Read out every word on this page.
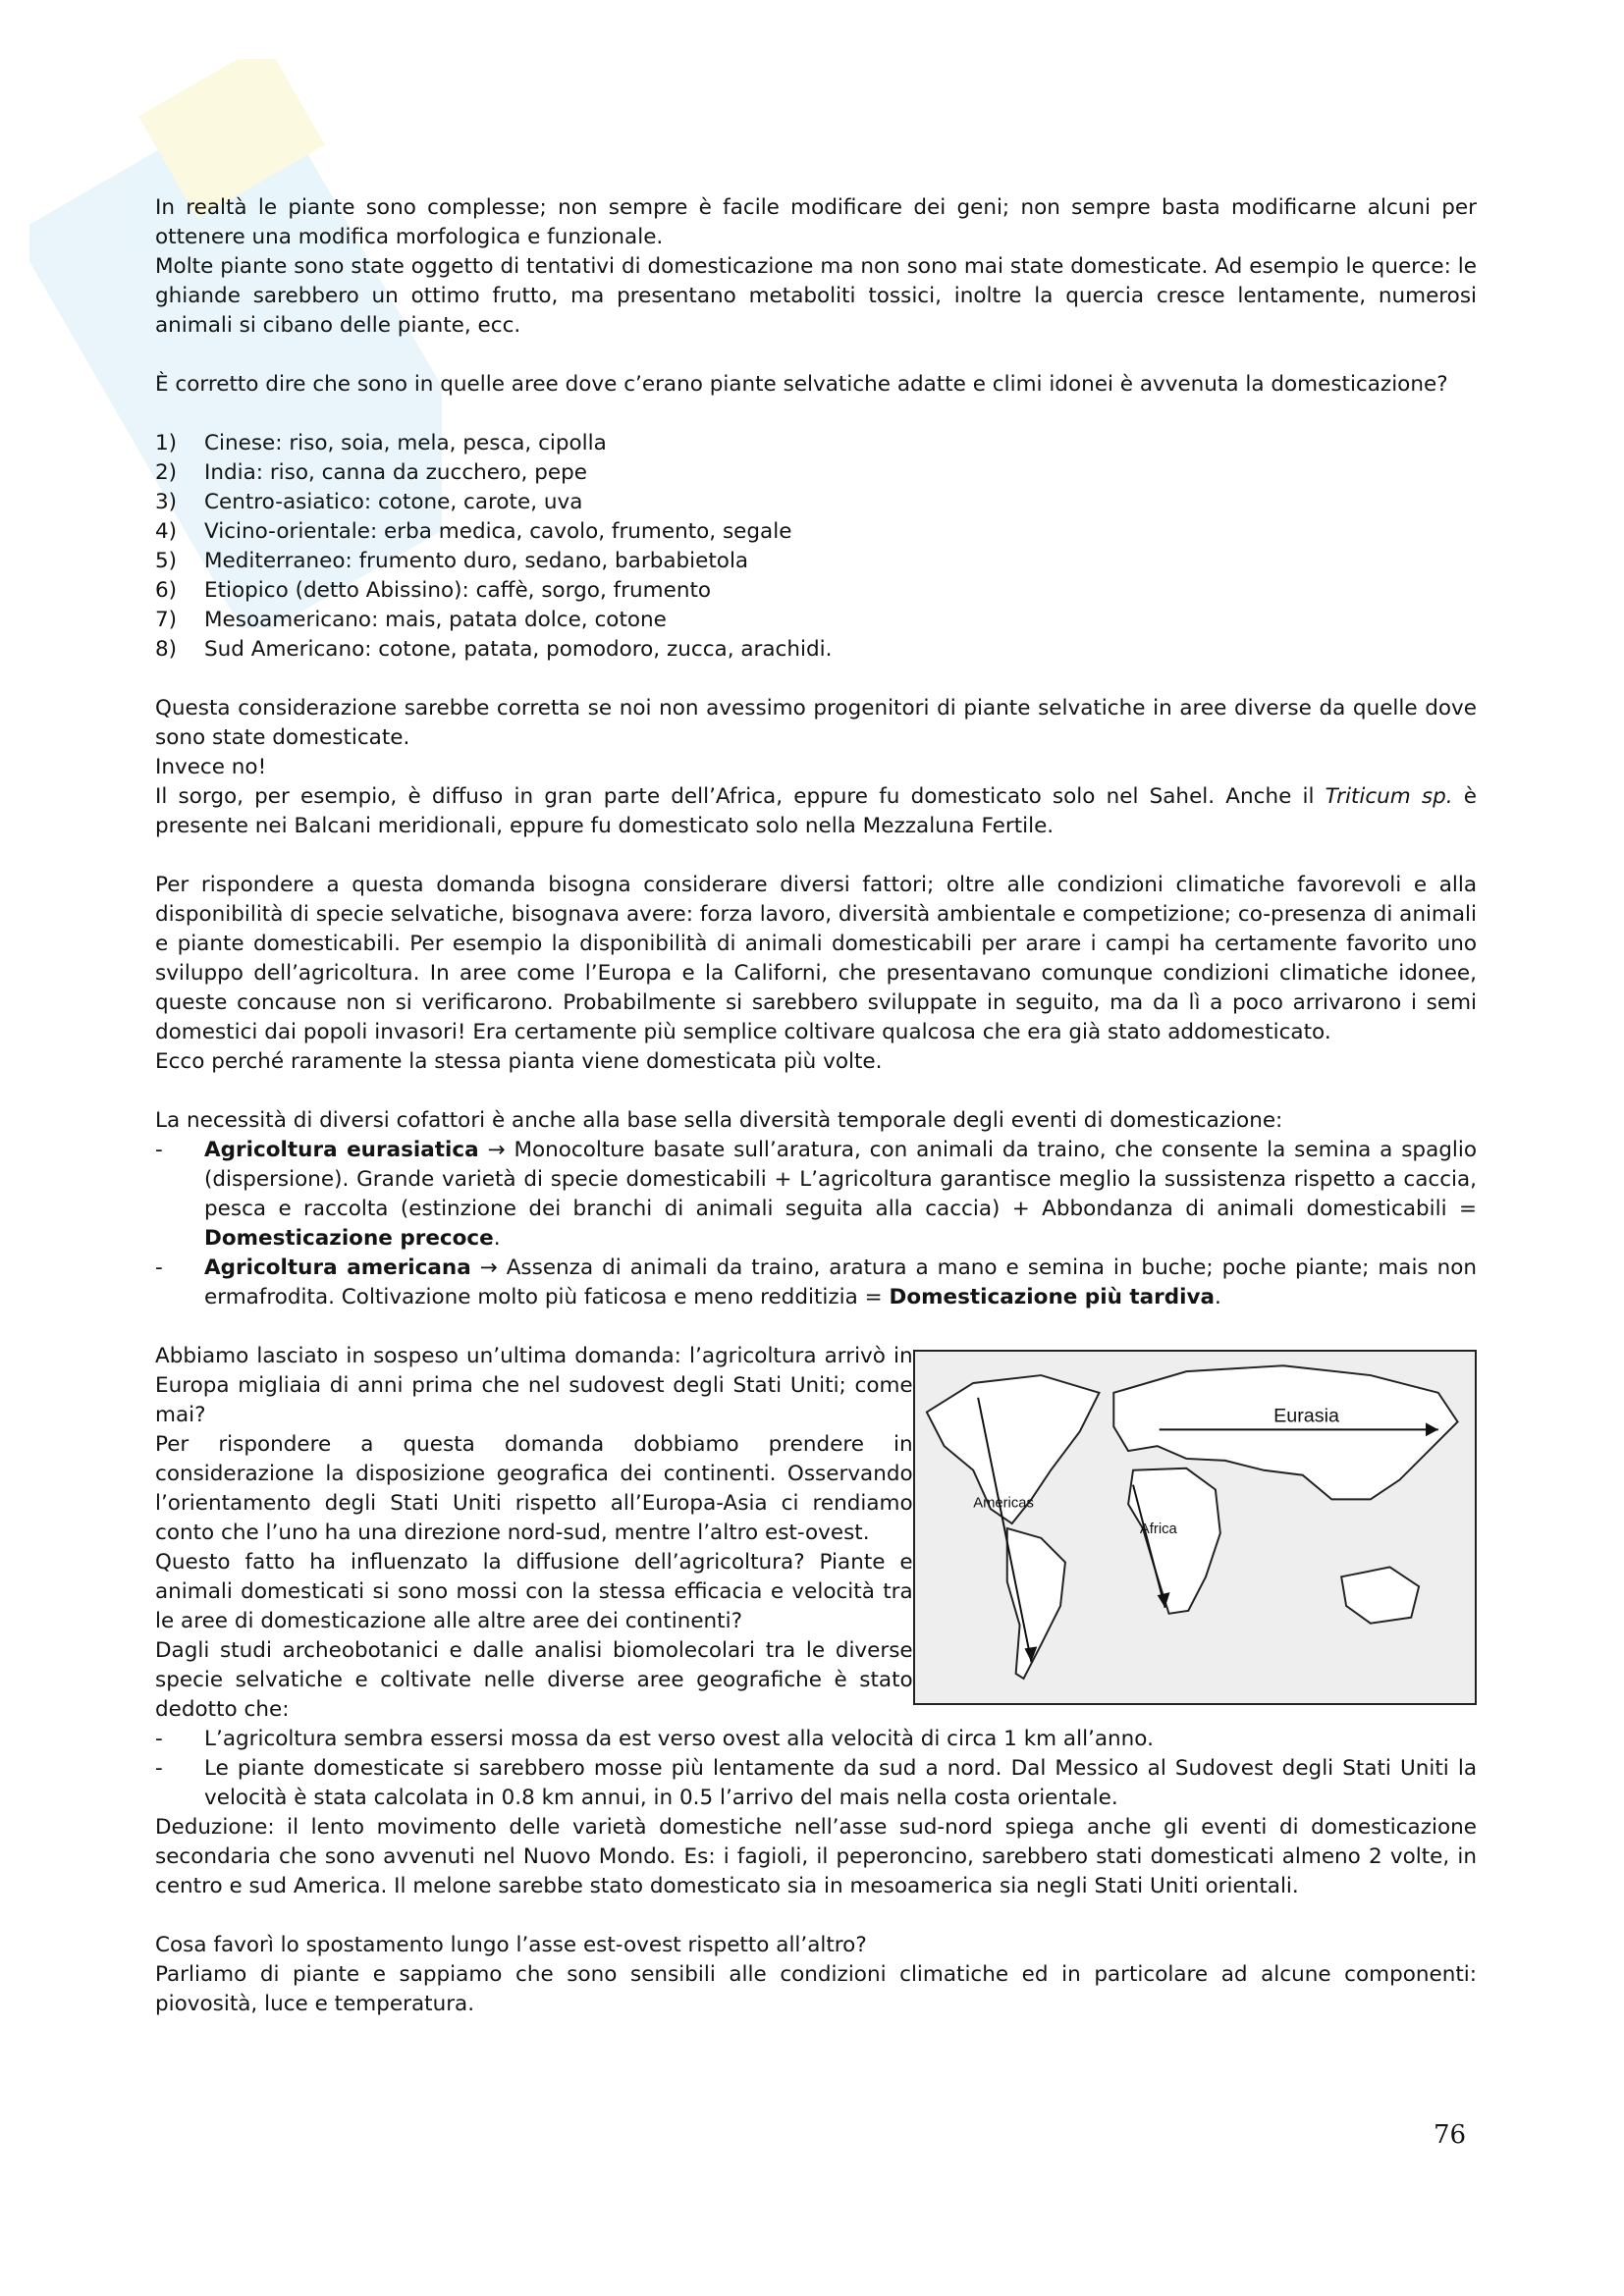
In realtà le piante sono complesse; non sempre è facile modificare dei geni; non sempre basta modificarne alcuni per ottenere una modifica morfologica e funzionale.

Molte piante sono state oggetto di tentativi di domesticazione ma non sono mai state domesticate. Ad esempio le querce: le ghiande sarebbero un ottimo frutto, ma presentano metaboliti tossici, inoltre la quercia cresce lentamente, numerosi animali si cibano delle piante, ecc.

È corretto dire che sono in quelle aree dove c’erano piante selvatiche adatte e climi idonei è avvenuta la domesticazione?

1)	Cinese: riso, soia, mela, pesca, cipolla
2)	India: riso, canna da zucchero, pepe
3)	Centro-asiatico: cotone, carote, uva
4)	Vicino-orientale: erba medica, cavolo, frumento, segale
5)	Mediterraneo: frumento duro, sedano, barbabietola
6)	Etiopico (detto Abissino): caffè, sorgo, frumento
7)	Mesoamericano: mais, patata dolce, cotone
8)	Sud Americano: cotone, patata, pomodoro, zucca, arachidi.

Questa considerazione sarebbe corretta se noi non avessimo progenitori di piante selvatiche in aree diverse da quelle dove sono state domesticate.

Invece no!

Il sorgo, per esempio, è diffuso in gran parte dell’Africa, eppure fu domesticato solo nel Sahel. Anche il Triticum sp. è presente nei Balcani meridionali, eppure fu domesticato solo nella Mezzaluna Fertile.

Per rispondere a questa domanda bisogna considerare diversi fattori; oltre alle condizioni climatiche favorevoli e alla disponibilità di specie selvatiche, bisognava avere: forza lavoro, diversità ambientale e competizione; co-presenza di animali e piante domesticabili. Per esempio la disponibilità di animali domesticabili per arare i campi ha certamente favorito uno sviluppo dell’agricoltura. In aree come l’Europa e la Californi, che presentavano comunque condizioni climatiche idonee, queste concause non si verificarono. Probabilmente si sarebbero sviluppate in seguito, ma da lì a poco arrivarono i semi domestici dai popoli invasori! Era certamente più semplice coltivare qualcosa che era già stato addomesticato.

Ecco perché raramente la stessa pianta viene domesticata più volte.

La necessità di diversi cofattori è anche alla base sella diversità temporale degli eventi di domesticazione:

-	Agricoltura eurasiatica → Monocolture basate sull’aratura, con animali da traino, che consente la semina a spaglio (dispersione). Grande varietà di specie domesticabili + L’agricoltura garantisce meglio la sussistenza rispetto a caccia, pesca e raccolta (estinzione dei branchi di animali seguita alla caccia) + Abbondanza di animali domesticabili = Domesticazione precoce.
-	Agricoltura americana → Assenza di animali da traino, aratura a mano e semina in buche; poche piante; mais non ermafrodita. Coltivazione molto più faticosa e meno redditizia = Domesticazione più tardiva.

Abbiamo lasciato in sospeso un’ultima domanda: l’agricoltura arrivò in Europa migliaia di anni prima che nel sudovest degli Stati Uniti; come mai?

Per rispondere a questa domanda dobbiamo prendere in considerazione la disposizione geografica dei continenti. Osservando l’orientamento degli Stati Uniti rispetto all’Europa-Asia ci rendiamo conto che l’uno ha una direzione nord-sud, mentre l’altro est-ovest.

Questo fatto ha influenzato la diffusione dell’agricoltura? Piante e animali domesticati si sono mossi con la stessa efficacia e velocità tra le aree di domesticazione alle altre aree dei continenti?

Dagli studi archeobotanici e dalle analisi biomolecolari tra le diverse specie selvatiche e coltivate nelle diverse aree geografiche è stato dedotto che:

Eurasia
Americas
Africa
-	L’agricoltura sembra essersi mossa da est verso ovest alla velocità di circa 1 km all’anno.
-	Le piante domesticate si sarebbero mosse più lentamente da sud a nord. Dal Messico al Sudovest degli Stati Uniti la velocità è stata calcolata in 0.8 km annui, in 0.5 l’arrivo del mais nella costa orientale.

Deduzione: il lento movimento delle varietà domestiche nell’asse sud-nord spiega anche gli eventi di domesticazione secondaria che sono avvenuti nel Nuovo Mondo. Es: i fagioli, il peperoncino, sarebbero stati domesticati almeno 2 volte, in centro e sud America. Il melone sarebbe stato domesticato sia in mesoamerica sia negli Stati Uniti orientali.

Cosa favorì lo spostamento lungo l’asse est-ovest rispetto all’altro?

Parliamo di piante e sappiamo che sono sensibili alle condizioni climatiche ed in particolare ad alcune componenti: piovosità, luce e temperatura.

76
